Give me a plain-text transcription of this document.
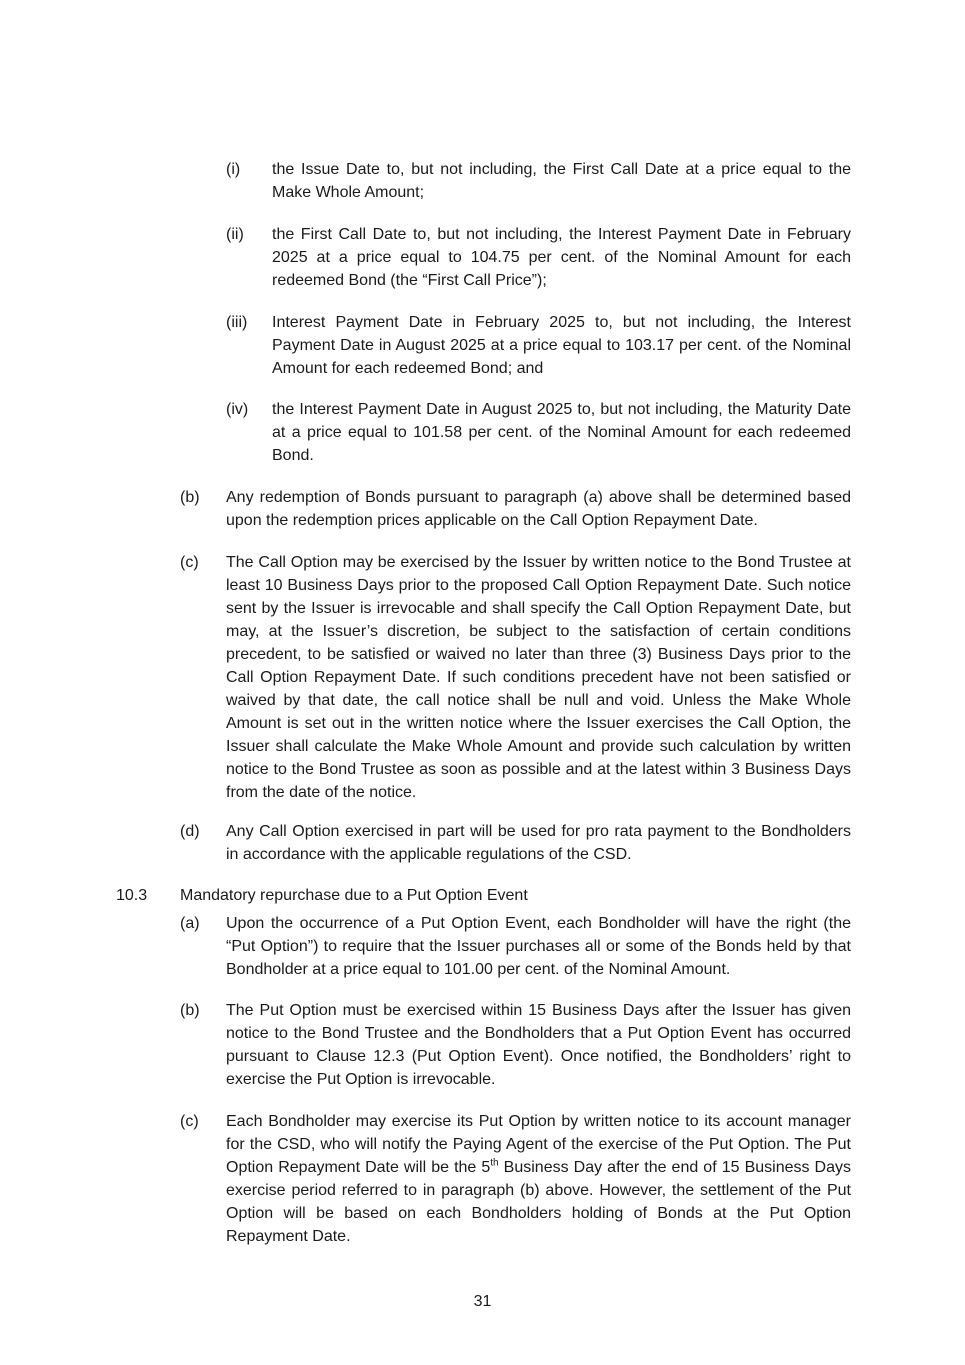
(i)	the Issue Date to, but not including, the First Call Date at a price equal to the Make Whole Amount;
(ii)	the First Call Date to, but not including, the Interest Payment Date in February 2025 at a price equal to 104.75 per cent. of the Nominal Amount for each redeemed Bond (the “First Call Price”);
(iii)	Interest Payment Date in February 2025 to, but not including, the Interest Payment Date in August 2025 at a price equal to 103.17 per cent. of the Nominal Amount for each redeemed Bond; and
(iv)	the Interest Payment Date in August 2025 to, but not including, the Maturity Date at a price equal to 101.58 per cent. of the Nominal Amount for each redeemed Bond.
(b)	Any redemption of Bonds pursuant to paragraph (a) above shall be determined based upon the redemption prices applicable on the Call Option Repayment Date.
(c)	The Call Option may be exercised by the Issuer by written notice to the Bond Trustee at least 10 Business Days prior to the proposed Call Option Repayment Date. Such notice sent by the Issuer is irrevocable and shall specify the Call Option Repayment Date, but may, at the Issuer’s discretion, be subject to the satisfaction of certain conditions precedent, to be satisfied or waived no later than three (3) Business Days prior to the Call Option Repayment Date. If such conditions precedent have not been satisfied or waived by that date, the call notice shall be null and void. Unless the Make Whole Amount is set out in the written notice where the Issuer exercises the Call Option, the Issuer shall calculate the Make Whole Amount and provide such calculation by written notice to the Bond Trustee as soon as possible and at the latest within 3 Business Days from the date of the notice.
(d)	Any Call Option exercised in part will be used for pro rata payment to the Bondholders in accordance with the applicable regulations of the CSD.
10.3	Mandatory repurchase due to a Put Option Event
(a)	Upon the occurrence of a Put Option Event, each Bondholder will have the right (the “Put Option”) to require that the Issuer purchases all or some of the Bonds held by that Bondholder at a price equal to 101.00 per cent. of the Nominal Amount.
(b)	The Put Option must be exercised within 15 Business Days after the Issuer has given notice to the Bond Trustee and the Bondholders that a Put Option Event has occurred pursuant to Clause 12.3 (Put Option Event). Once notified, the Bondholders’ right to exercise the Put Option is irrevocable.
(c)	Each Bondholder may exercise its Put Option by written notice to its account manager for the CSD, who will notify the Paying Agent of the exercise of the Put Option. The Put Option Repayment Date will be the 5th Business Day after the end of 15 Business Days exercise period referred to in paragraph (b) above. However, the settlement of the Put Option will be based on each Bondholders holding of Bonds at the Put Option Repayment Date.
31
